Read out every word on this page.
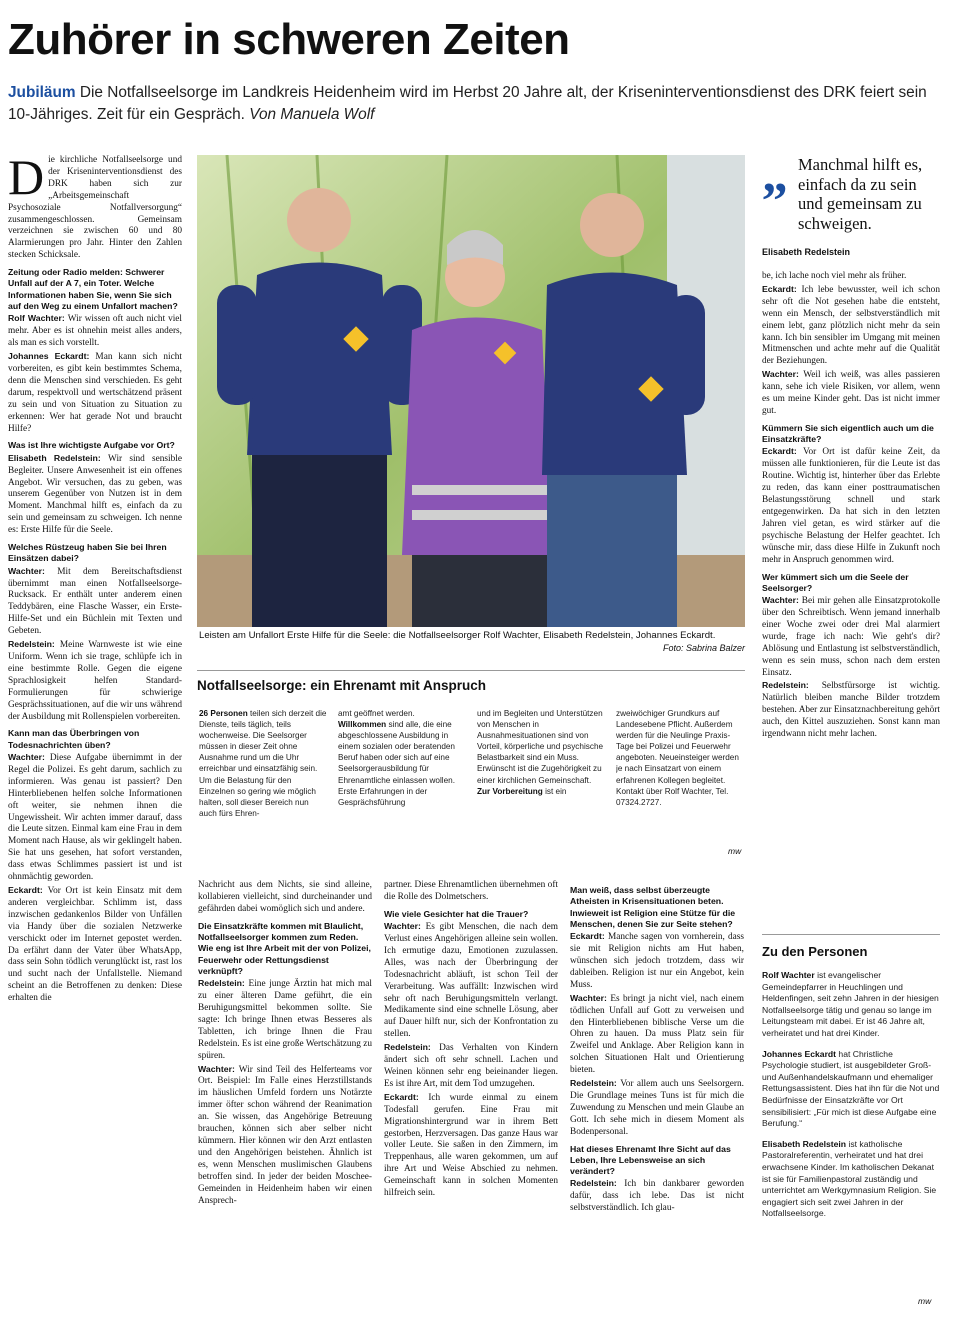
Zuhörer in schweren Zeiten
Jubiläum Die Notfallseelsorge im Landkreis Heidenheim wird im Herbst 20 Jahre alt, der Kriseninterventionsdienst des DRK feiert sein 10-Jähriges. Zeit für ein Gespräch. Von Manuela Wolf

Die kirchliche Notfallseelsorge und der Kriseninterventionsdienst des DRK haben sich zur „Arbeitsgemeinschaft Psychosoziale Notfallversorgung“ zusammengeschlossen. Gemeinsam verzeichnen sie zwischen 60 und 80 Alarmierungen pro Jahr. Hinter den Zahlen stecken Schicksale.

Zeitung oder Radio melden: Schwerer Unfall auf der A 7, ein Toter. Welche Informationen haben Sie, wenn Sie sich auf den Weg zu einem Unfallort machen?

Rolf Wachter: Wir wissen oft auch nicht viel mehr. Aber es ist ohnehin meist alles anders, als man es sich vorstellt.

Johannes Eckardt: Man kann sich nicht vorbereiten, es gibt kein bestimmtes Schema, denn die Menschen sind verschieden. Es geht darum, respektvoll und wertschätzend präsent zu sein und von Situation zu Situation zu erkennen: Wer hat gerade Not und braucht Hilfe?

Was ist Ihre wichtigste Aufgabe vor Ort?

Elisabeth Redelstein: Wir sind sensible Begleiter. Unsere Anwesenheit ist ein offenes Angebot. Wir versuchen, das zu geben, was unserem Gegenüber von Nutzen ist in dem Moment. Manchmal hilft es, einfach da zu sein und gemeinsam zu schweigen. Ich nenne es: Erste Hilfe für die Seele.

Welches Rüstzeug haben Sie bei Ihren Einsätzen dabei?

Wachter: Mit dem Bereitschaftsdienst übernimmt man einen Notfallseelsorge-Rucksack. Er enthält unter anderem einen Teddybären, eine Flasche Wasser, ein Erste-Hilfe-Set und ein Büchlein mit Texten und Gebeten.

Redelstein: Meine Warnweste ist wie eine Uniform. Wenn ich sie trage, schlüpfe ich in eine bestimmte Rolle. Gegen die eigene Sprachlosigkeit helfen Standard-Formulierungen für schwierige Gesprächssituationen, auf die wir uns während der Ausbildung mit Rollenspielen vorbereiten.

Kann man das Überbringen von Todesnachrichten üben?

Wachter: Diese Aufgabe übernimmt in der Regel die Polizei. Es geht darum, sachlich zu informieren. Was genau ist passiert? Den Hinterbliebenen helfen solche Informationen oft weiter, sie nehmen ihnen die Ungewissheit. Wir achten immer darauf, dass die Leute sitzen. Einmal kam eine Frau in dem Moment nach Hause, als wir geklingelt haben. Sie hat uns gesehen, hat sofort verstanden, dass etwas Schlimmes passiert ist und ist ohnmächtig geworden.

Eckardt: Vor Ort ist kein Einsatz mit dem anderen vergleichbar. Schlimm ist, dass inzwischen gedankenlos Bilder von Unfällen via Handy über die sozialen Netzwerke verschickt oder im Internet gepostet werden. Da erfährt dann der Vater über WhatsApp, dass sein Sohn tödlich verunglückt ist, rast los und sucht nach der Unfallstelle. Niemand scheint an die Betroffenen zu denken: Diese erhalten die

Leisten am Unfallort Erste Hilfe für die Seele: die Notfallseelsorger Rolf Wachter, Elisabeth Redelstein, Johannes Eckardt.
Foto: Sabrina Balzer
Notfallseelsorge: ein Ehrenamt mit Anspruch
26 Personen teilen sich derzeit die Dienste, teils täglich, teils wochenweise. Die Seelsorger müssen in dieser Zeit ohne Ausnahme rund um die Uhr erreichbar und einsatzfähig sein. Um die Belastung für den Einzelnen so gering wie möglich halten, soll dieser Bereich nun auch fürs Ehren-
amt geöffnet werden.
Willkommen sind alle, die eine abgeschlossene Ausbildung in einem sozialen oder beratenden Beruf haben oder sich auf eine Seelsorgerausbildung für Ehrenamtliche einlassen wollen. Erste Erfahrungen in der Gesprächsführung
und im Begleiten und Unterstützen von Menschen in Ausnahmesituationen sind von Vorteil, körperliche und psychische Belastbarkeit sind ein Muss. Erwünscht ist die Zugehörigkeit zu einer kirchlichen Gemeinschaft.
Zur Vorbereitung ist ein
zweiwöchiger Grundkurs auf Landesebene Pflicht. Außerdem werden für die Neulinge Praxis-Tage bei Polizei und Feuerwehr angeboten. Neueinsteiger werden je nach Einsatzart von einem erfahrenen Kollegen begleitet. Kontakt über Rolf Wachter, Tel. 07324.2727.
mw

Nachricht aus dem Nichts, sie sind alleine, kollabieren vielleicht, sind durcheinander und gefährden dabei womöglich sich und andere.

Die Einsatzkräfte kommen mit Blaulicht, Notfallseelsorger kommen zum Reden. Wie eng ist Ihre Arbeit mit der von Polizei, Feuerwehr oder Rettungsdienst verknüpft?

Redelstein: Eine junge Ärztin hat mich mal zu einer älteren Dame geführt, die ein Beruhigungsmittel bekommen sollte. Sie sagte: Ich bringe Ihnen etwas Besseres als Tabletten, ich bringe Ihnen die Frau Redelstein. Es ist eine große Wertschätzung zu spüren.

Wachter: Wir sind Teil des Helferteams vor Ort. Beispiel: Im Falle eines Herzstillstands im häuslichen Umfeld fordern uns Notärzte immer öfter schon während der Reanimation an. Sie wissen, das Angehörige Betreuung brauchen, können sich aber selber nicht kümmern. Hier können wir den Arzt entlasten und den Angehörigen beistehen. Ähnlich ist es, wenn Menschen muslimischen Glaubens betroffen sind. In jeder der beiden Moschee-Gemeinden in Heidenheim haben wir einen Ansprech-

partner. Diese Ehrenamtlichen übernehmen oft die Rolle des Dolmetschers.

Wie viele Gesichter hat die Trauer?

Wachter: Es gibt Menschen, die nach dem Verlust eines Angehörigen alleine sein wollen. Ich ermutige dazu, Emotionen zuzulassen. Alles, was nach der Überbringung der Todesnachricht abläuft, ist schon Teil der Verarbeitung. Was auffällt: Inzwischen wird sehr oft nach Beruhigungsmitteln verlangt. Medikamente sind eine schnelle Lösung, aber auf Dauer hilft nur, sich der Konfrontation zu stellen.

Redelstein: Das Verhalten von Kindern ändert sich oft sehr schnell. Lachen und Weinen können sehr eng beieinander liegen. Es ist ihre Art, mit dem Tod umzugehen.

Eckardt: Ich wurde einmal zu einem Todesfall gerufen. Eine Frau mit Migrationshintergrund war in ihrem Bett gestorben, Herzversagen. Das ganze Haus war voller Leute. Sie saßen in den Zimmern, im Treppenhaus, alle waren gekommen, um auf ihre Art und Weise Abschied zu nehmen. Gemeinschaft kann in solchen Momenten hilfreich sein.

Man weiß, dass selbst überzeugte Atheisten in Krisensituationen beten. Inwieweit ist Religion eine Stütze für die Menschen, denen Sie zur Seite stehen?

Eckardt: Manche sagen von vornherein, dass sie mit Religion nichts am Hut haben, wünschen sich jedoch trotzdem, dass wir dableiben. Religion ist nur ein Angebot, kein Muss.

Wachter: Es bringt ja nicht viel, nach einem tödlichen Unfall auf Gott zu verweisen und den Hinterbliebenen biblische Verse um die Ohren zu hauen. Da muss Platz sein für Zweifel und Anklage. Aber Religion kann in solchen Situationen Halt und Orientierung bieten.

Redelstein: Vor allem auch uns Seelsorgern. Die Grundlage meines Tuns ist für mich die Zuwendung zu Menschen und mein Glaube an Gott. Ich sehe mich in diesem Moment als Bodenpersonal.

Hat dieses Ehrenamt Ihre Sicht auf das Leben, Ihre Lebensweise an sich verändert?

Redelstein: Ich bin dankbarer geworden dafür, dass ich lebe. Das ist nicht selbstverständlich. Ich glau-

„ Manchmal hilft es, einfach da zu sein und gemeinsam zu schweigen.
Elisabeth Redelstein

be, ich lache noch viel mehr als früher.

Eckardt: Ich lebe bewusster, weil ich schon sehr oft die Not gesehen habe die entsteht, wenn ein Mensch, der selbstverständlich mit einem lebt, ganz plötzlich nicht mehr da sein kann. Ich bin sensibler im Umgang mit meinen Mitmenschen und achte mehr auf die Qualität der Beziehungen.

Wachter: Weil ich weiß, was alles passieren kann, sehe ich viele Risiken, vor allem, wenn es um meine Kinder geht. Das ist nicht immer gut.

Kümmern Sie sich eigentlich auch um die Einsatzkräfte?

Eckardt: Vor Ort ist dafür keine Zeit, da müssen alle funktionieren, für die Leute ist das Routine. Wichtig ist, hinterher über das Erlebte zu reden, das kann einer posttraumatischen Belastungsstörung schnell und stark entgegenwirken. Da hat sich in den letzten Jahren viel getan, es wird stärker auf die psychische Belastung der Helfer geachtet. Ich wünsche mir, dass diese Hilfe in Zukunft noch mehr in Anspruch genommen wird.

Wer kümmert sich um die Seele der Seelsorger?

Wachter: Bei mir gehen alle Einsatzprotokolle über den Schreibtisch. Wenn jemand innerhalb einer Woche zwei oder drei Mal alarmiert wurde, frage ich nach: Wie geht's dir? Ablösung und Entlastung ist selbstverständlich, wenn es sein muss, schon nach dem ersten Einsatz.

Redelstein: Selbstfürsorge ist wichtig. Natürlich bleiben manche Bilder trotzdem bestehen. Aber zur Einsatznachbereitung gehört auch, den Kittel auszuziehen. Sonst kann man irgendwann nicht mehr lachen.

Zu den Personen

Rolf Wachter ist evangelischer Gemeindepfarrer in Heuchlingen und Heldenfingen, seit zehn Jahren in der hiesigen Notfallseelsorge tätig und genau so lange im Leitungsteam mit dabei. Er ist 46 Jahre alt, verheiratet und hat drei Kinder.

Johannes Eckardt hat Christliche Psychologie studiert, ist ausgebildeter Groß- und Außenhandelskaufmann und ehemaliger Rettungsassistent. Dies hat ihn für die Not und Bedürfnisse der Einsatzkräfte vor Ort sensibilisiert: „Für mich ist diese Aufgabe eine Berufung.“

Elisabeth Redelstein ist katholische Pastoralreferentin, verheiratet und hat drei erwachsene Kinder. Im katholischen Dekanat ist sie für Familienpastoral zuständig und unterrichtet am Werkgymnasium Religion. Sie engagiert sich seit zwei Jahren in der Notfallseelsorge.

mw
